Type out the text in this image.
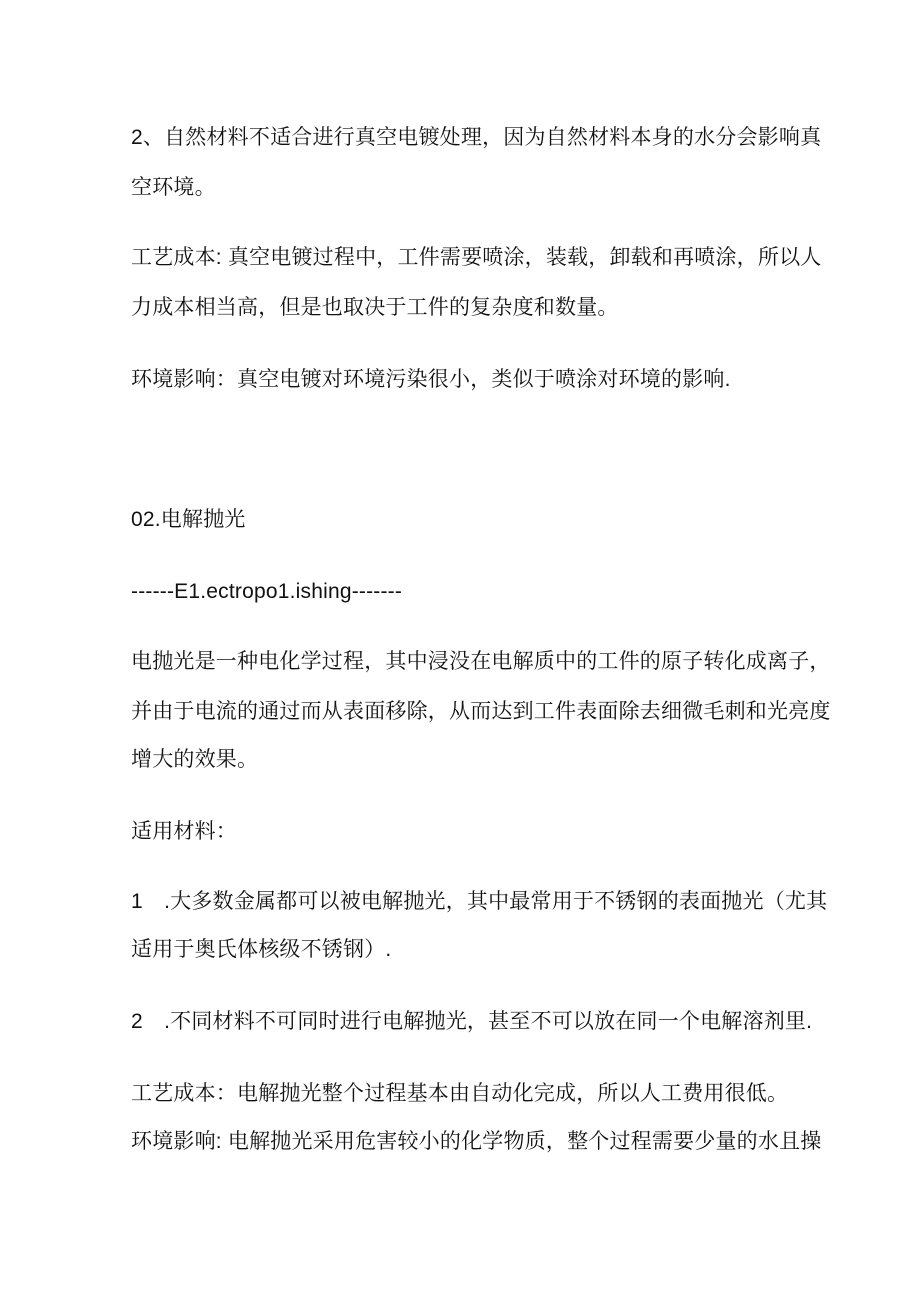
2、自然材料不适合进行真空电镀处理，因为自然材料本身的水分会影响真
空环境。
工艺成本: 真空电镀过程中，工件需要喷涂，装载，卸载和再喷涂，所以人
力成本相当高，但是也取决于工件的复杂度和数量。
环境影响：真空电镀对环境污染很小，类似于喷涂对环境的影响.
02.电解抛光
------E1.ectropo1.ishing-------
电抛光是一种电化学过程，其中浸没在电解质中的工件的原子转化成离子，
并由于电流的通过而从表面移除，从而达到工件表面除去细微毛刺和光亮度
增大的效果。
适用材料：
1　.大多数金属都可以被电解抛光，其中最常用于不锈钢的表面抛光（尤其
适用于奥氏体核级不锈钢）.
2　.不同材料不可同时进行电解抛光，甚至不可以放在同一个电解溶剂里.
工艺成本：电解抛光整个过程基本由自动化完成，所以人工费用很低。
环境影响: 电解抛光采用危害较小的化学物质，整个过程需要少量的水且操
